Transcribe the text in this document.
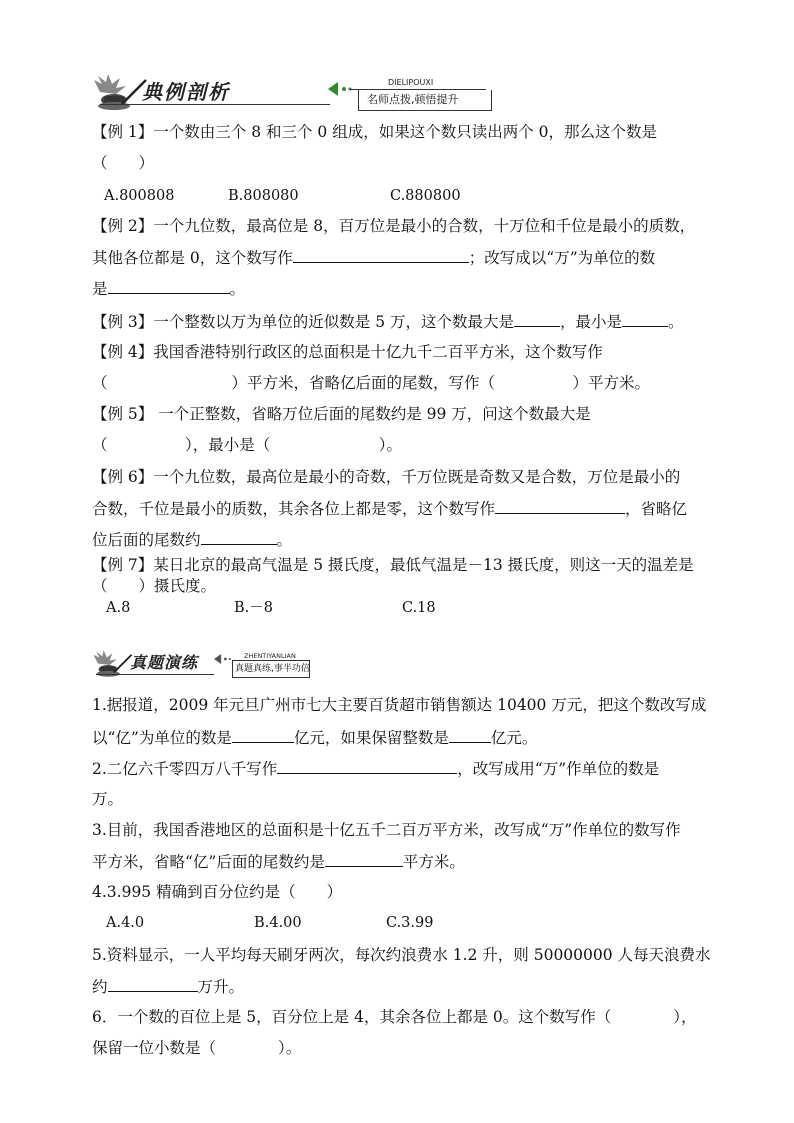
典例剖析	DIELIPOUXI
名师点拨,顿悟提升
【例 1】一个数由三个 8 和三个 0 组成，如果这个数只读出两个 0，那么这个数是
（　　）
A.800808	B.808080	C.880800
【例 2】一个九位数，最高位是 8，百万位是最小的合数，十万位和千位是最小的质数，
其他各位都是 0，这个数写作	；改写成以“万”为单位的数
是	。
【例 3】一个整数以万为单位的近似数是 5 万，这个数最大是	，最小是	。
【例 4】我国香港特别行政区的总面积是十亿九千二百平方米，这个数写作
（　　　　　　　　）平方米，省略亿后面的尾数，写作（　　　　　）平方米。
【例 5】 一个正整数，省略万位后面的尾数约是 99 万，问这个数最大是
（　　　　　），最小是（　　　　　　　）。
【例 6】一个九位数，最高位是最小的奇数，千万位既是奇数又是合数，万位是最小的
合数，千位是最小的质数，其余各位上都是零，这个数写作	，省略亿
位后面的尾数约	。
【例 7】某日北京的最高气温是 5 摄氏度，最低气温是－13 摄氏度，则这一天的温差是
（　　）摄氏度。
A.8	B.－8	C.18
真题演练	ZHENTIYANLIAN
真题真练,事半功倍
1.据报道，2009 年元旦广州市七大主要百货超市销售额达 10400 万元，把这个数改写成
以“亿”为单位的数是	亿元，如果保留整数是	亿元。
2.二亿六千零四万八千写作	，改写成用“万”作单位的数是
万。
3.目前，我国香港地区的总面积是十亿五千二百万平方米，改写成“万”作单位的数写作
平方米，省略“亿”后面的尾数约是	平方米。
4.3.995 精确到百分位约是（　　）
A.4.0	B.4.00	C.3.99
5.资料显示，一人平均每天刷牙两次，每次约浪费水 1.2 升，则 50000000 人每天浪费水
约	万升。
6．一个数的百位上是 5，百分位上是 4，其余各位上都是 0。这个数写作（　　　　），
保留一位小数是（　　　　）。
